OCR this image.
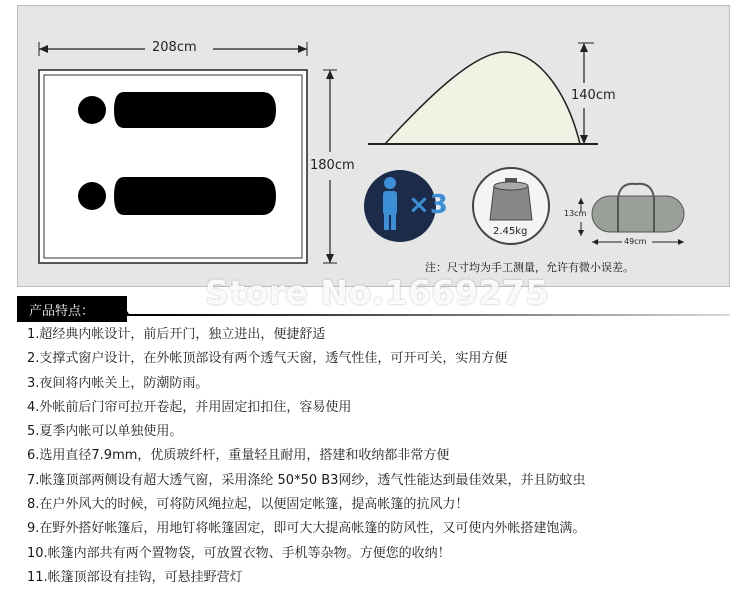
208cm
180cm
140cm
×3
2.45kg
13cm
49cm
注：尺寸均为手工测量，允许有微小误差。
Store No.1669275
产品特点：
1.超经典内帐设计，前后开门，独立进出，便捷舒适
2.支撑式窗户设计，在外帐顶部设有两个透气天窗，透气性佳，可开可关，实用方便
3.夜间将内帐关上，防潮防雨。
4.外帐前后门帘可拉开卷起，并用固定扣扣住，容易使用
5.夏季内帐可以单独使用。
6.选用直径7.9mm，优质玻纤杆，重量轻且耐用，搭建和收纳都非常方便
7.帐篷顶部两侧设有超大透气窗，采用涤纶 50*50 B3网纱，透气性能达到最佳效果，并且防蚊虫
8.在户外风大的时候，可将防风绳拉起，以便固定帐篷，提高帐篷的抗风力！
9.在野外搭好帐篷后，用地钉将帐篷固定，即可大大提高帐篷的防风性，又可使内外帐搭建饱满。
10.帐篷内部共有两个置物袋，可放置衣物、手机等杂物。方便您的收纳！
11.帐篷顶部设有挂钩，可悬挂野营灯
